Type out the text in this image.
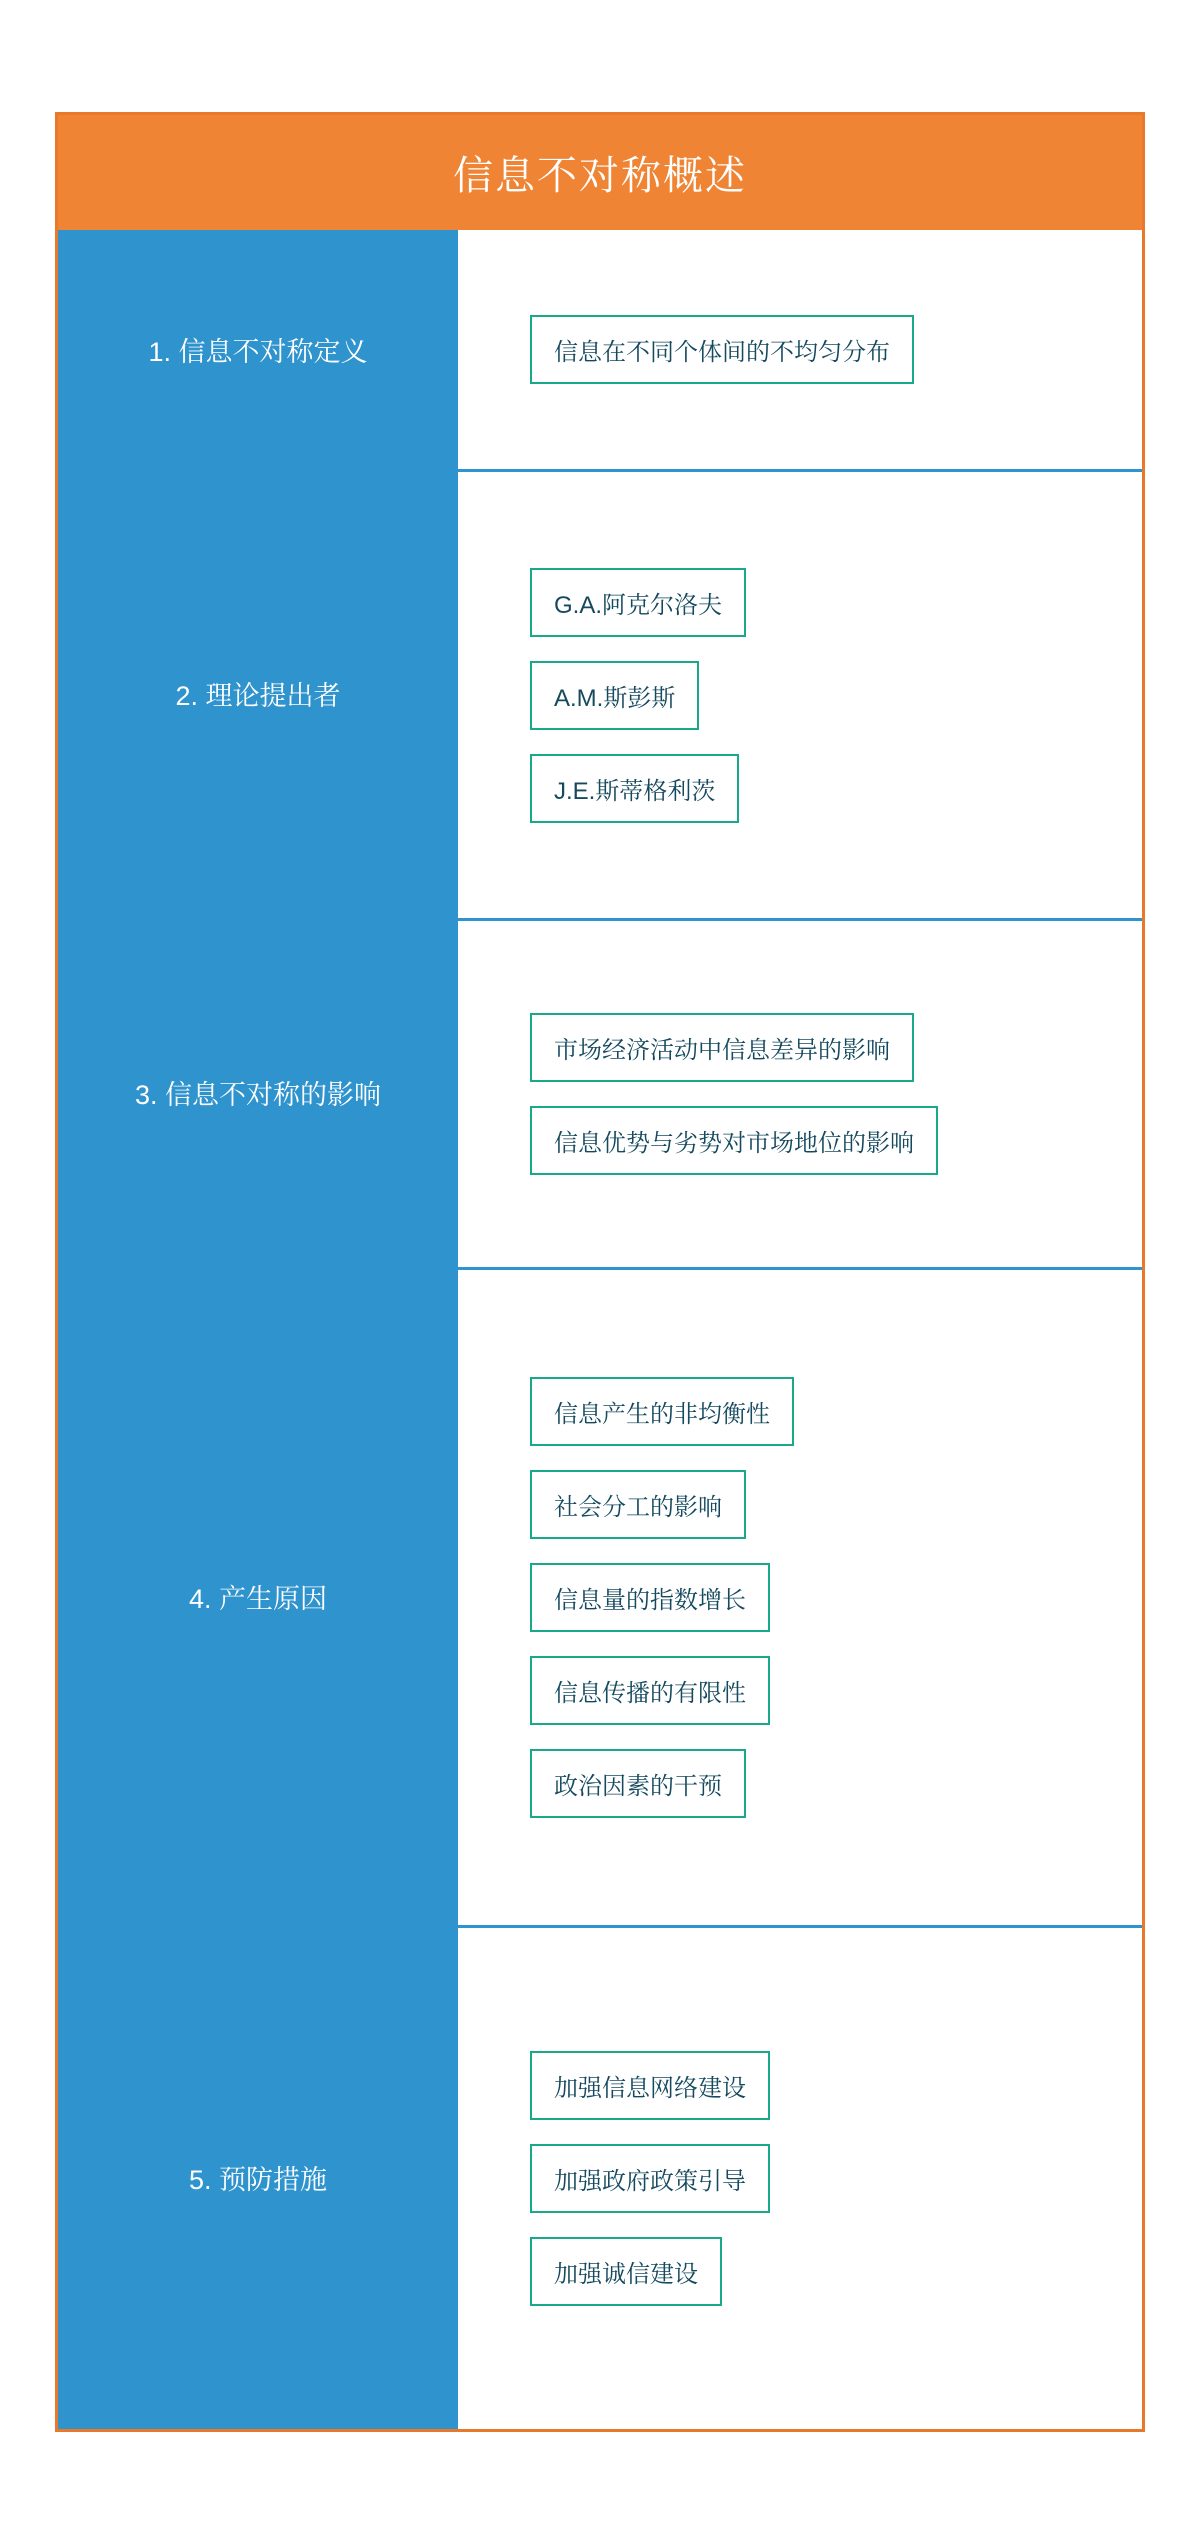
信息不对称概述
1. 信息不对称定义
2. 理论提出者
3. 信息不对称的影响
4. 产生原因
5. 预防措施
信息在不同个体间的不均匀分布
G.A.阿克尔洛夫
A.M.斯彭斯
J.E.斯蒂格利茨
市场经济活动中信息差异的影响
信息优势与劣势对市场地位的影响
信息产生的非均衡性
社会分工的影响
信息量的指数增长
信息传播的有限性
政治因素的干预
加强信息网络建设
加强政府政策引导
加强诚信建设
